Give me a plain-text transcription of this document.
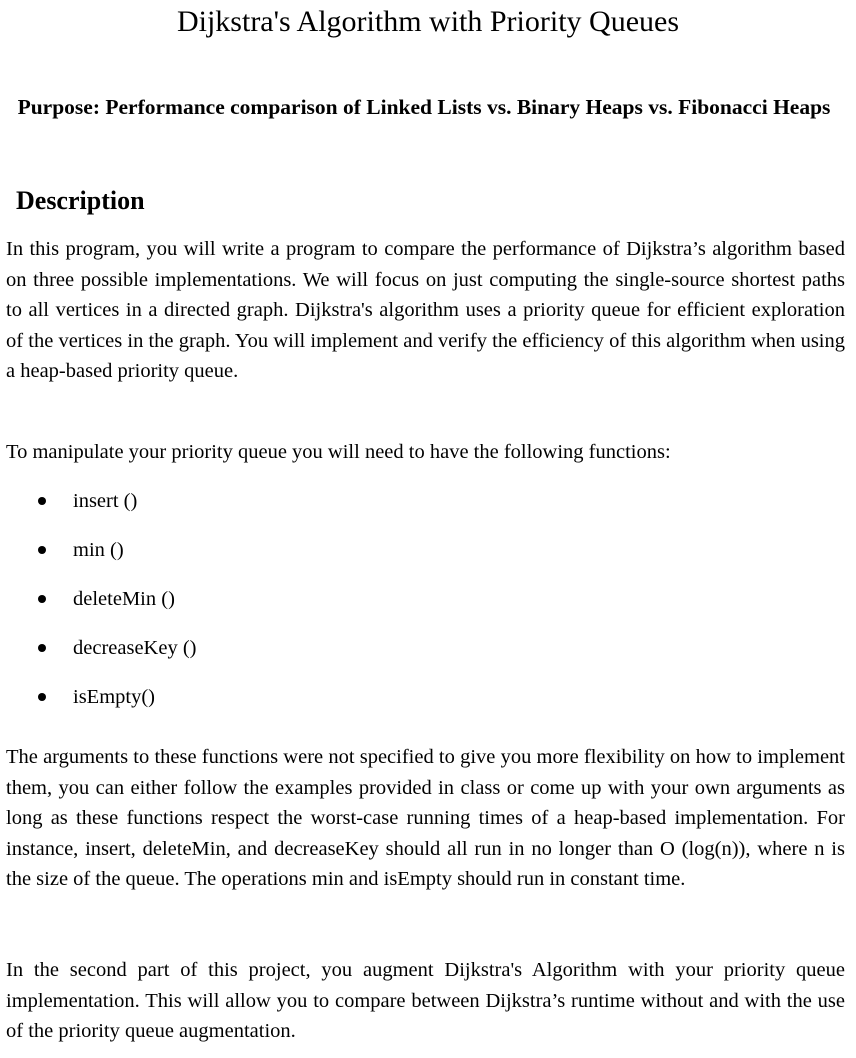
Dijkstra's Algorithm with Priority Queues

Purpose: Performance comparison of Linked Lists vs. Binary Heaps vs. Fibonacci Heaps

Description

In this program, you will write a program to compare the performance of Dijkstra’s algorithm based on three possible implementations. We will focus on just computing the single-source shortest paths to all vertices in a directed graph. Dijkstra's algorithm uses a priority queue for efficient exploration of the vertices in the graph. You will implement and verify the efficiency of this algorithm when using a heap-based priority queue.

To manipulate your priority queue you will need to have the following functions:

insert ()
min ()
deleteMin ()
decreaseKey ()
isEmpty()

The arguments to these functions were not specified to give you more flexibility on how to implement them, you can either follow the examples provided in class or come up with your own arguments as long as these functions respect the worst-case running times of a heap-based implementation. For instance, insert, deleteMin, and decreaseKey should all run in no longer than O (log(n)), where n is the size of the queue. The operations min and isEmpty should run in constant time.

In the second part of this project, you augment Dijkstra's Algorithm with your priority queue implementation. This will allow you to compare between Dijkstra’s runtime without and with the use of the priority queue augmentation.
